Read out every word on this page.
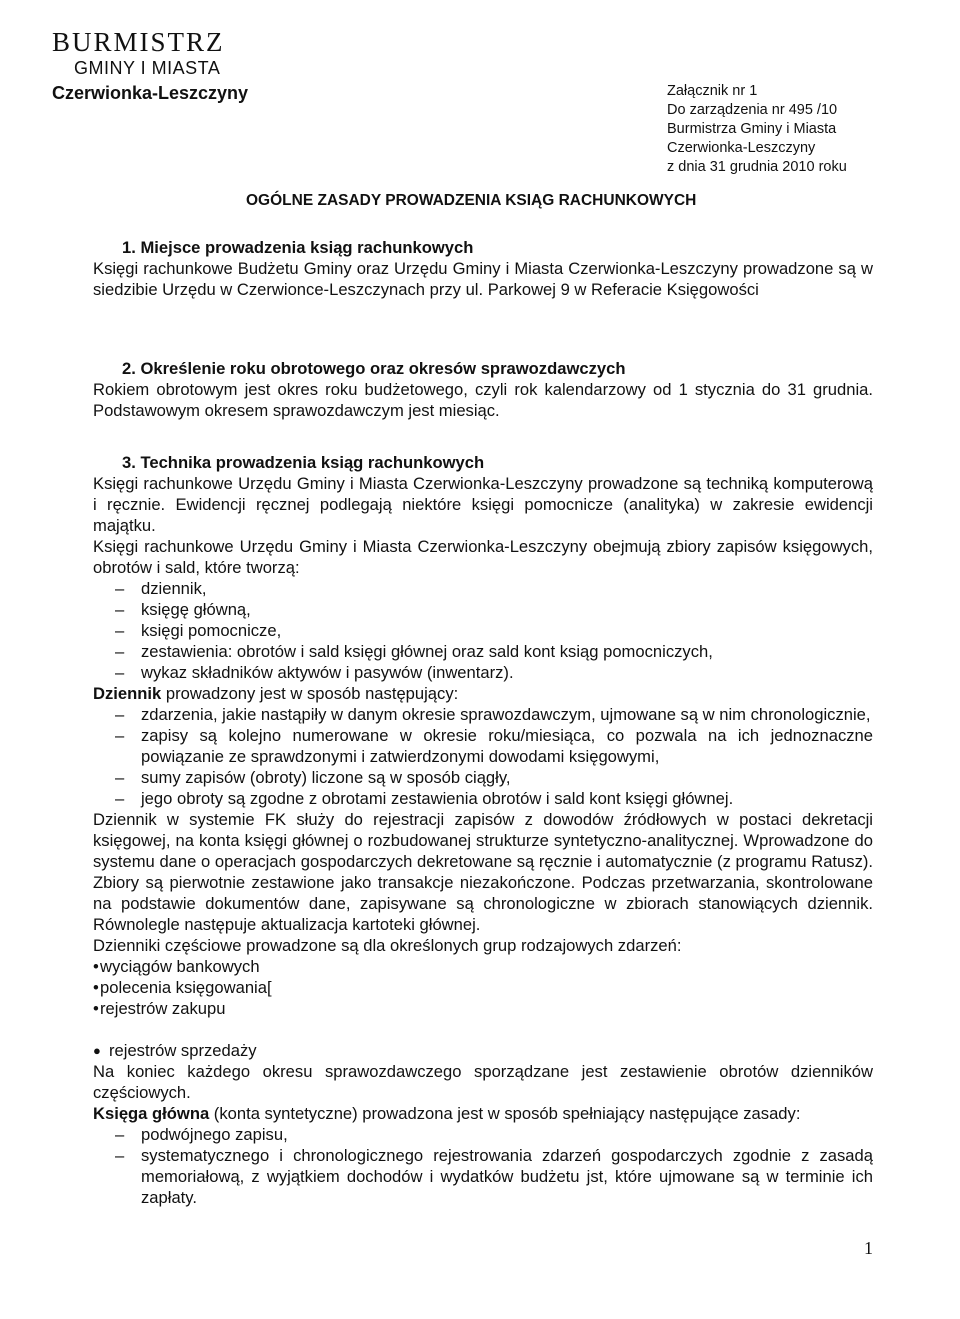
BURMISTRZ
GMINY I MIASTA
Czerwionka-Leszczyny	Załącznik nr 1
Do zarządzenia nr 495 /10
Burmistrza Gminy i Miasta
Czerwionka-Leszczyny
z dnia 31 grudnia 2010 roku
OGÓLNE ZASADY PROWADZENIA KSIĄG RACHUNKOWYCH
1. Miejsce prowadzenia ksiąg rachunkowych

Księgi rachunkowe Budżetu Gminy oraz Urzędu Gminy i Miasta Czerwionka-Leszczyny prowadzone są w siedzibie Urzędu w Czerwionce-Leszczynach przy ul. Parkowej 9 w Referacie Księgowości

2. Określenie roku obrotowego oraz okresów sprawozdawczych

Rokiem obrotowym jest okres roku budżetowego, czyli rok kalendarzowy od 1 stycznia do 31 grudnia. Podstawowym okresem sprawozdawczym jest miesiąc.

3. Technika prowadzenia ksiąg rachunkowych

Księgi rachunkowe Urzędu Gminy i Miasta Czerwionka-Leszczyny prowadzone są techniką komputerową i ręcznie. Ewidencji ręcznej podlegają niektóre księgi pomocnicze (analityka) w zakresie ewidencji majątku.

Księgi rachunkowe Urzędu Gminy i Miasta Czerwionka-Leszczyny obejmują zbiory zapisów księgowych, obrotów i sald, które tworzą:

– dziennik,
– księgę główną,
– księgi pomocnicze,
– zestawienia: obrotów i sald księgi głównej oraz sald kont ksiąg pomocniczych,
– wykaz składników aktywów i pasywów (inwentarz).

Dziennik prowadzony jest w sposób następujący:

– zdarzenia, jakie nastąpiły w danym okresie sprawozdawczym, ujmowane są w nim chronologicznie,
– zapisy są kolejno numerowane w okresie roku/miesiąca, co pozwala na ich jednoznaczne powiązanie ze sprawdzonymi i zatwierdzonymi dowodami księgowymi,
– sumy zapisów (obroty) liczone są w sposób ciągły,
– jego obroty są zgodne z obrotami zestawienia obrotów i sald kont księgi głównej.

Dziennik w systemie FK służy do rejestracji zapisów z dowodów źródłowych w postaci dekretacji księgowej, na konta księgi głównej o rozbudowanej strukturze syntetyczno-analitycznej. Wprowadzone do systemu dane o operacjach gospodarczych dekretowane są ręcznie i automatycznie (z programu Ratusz). Zbiory są pierwotnie zestawione jako transakcje niezakończone. Podczas przetwarzania, skontrolowane na podstawie dokumentów dane, zapisywane są chronologiczne w zbiorach stanowiących dziennik. Równolegle następuje aktualizacja kartoteki głównej.

Dzienniki częściowe prowadzone są dla określonych grup rodzajowych zdarzeń:

• wyciągów bankowych
• polecenia księgowania[
• rejestrów zakupu
● rejestrów sprzedaży

Na koniec każdego okresu sprawozdawczego sporządzane jest zestawienie obrotów dzienników częściowych.

Księga główna (konta syntetyczne) prowadzona jest w sposób spełniający następujące zasady:

– podwójnego zapisu,
– systematycznego i chronologicznego rejestrowania zdarzeń gospodarczych zgodnie z zasadą memoriałową, z wyjątkiem dochodów i wydatków budżetu jst, które ujmowane są w terminie ich zapłaty.
1
